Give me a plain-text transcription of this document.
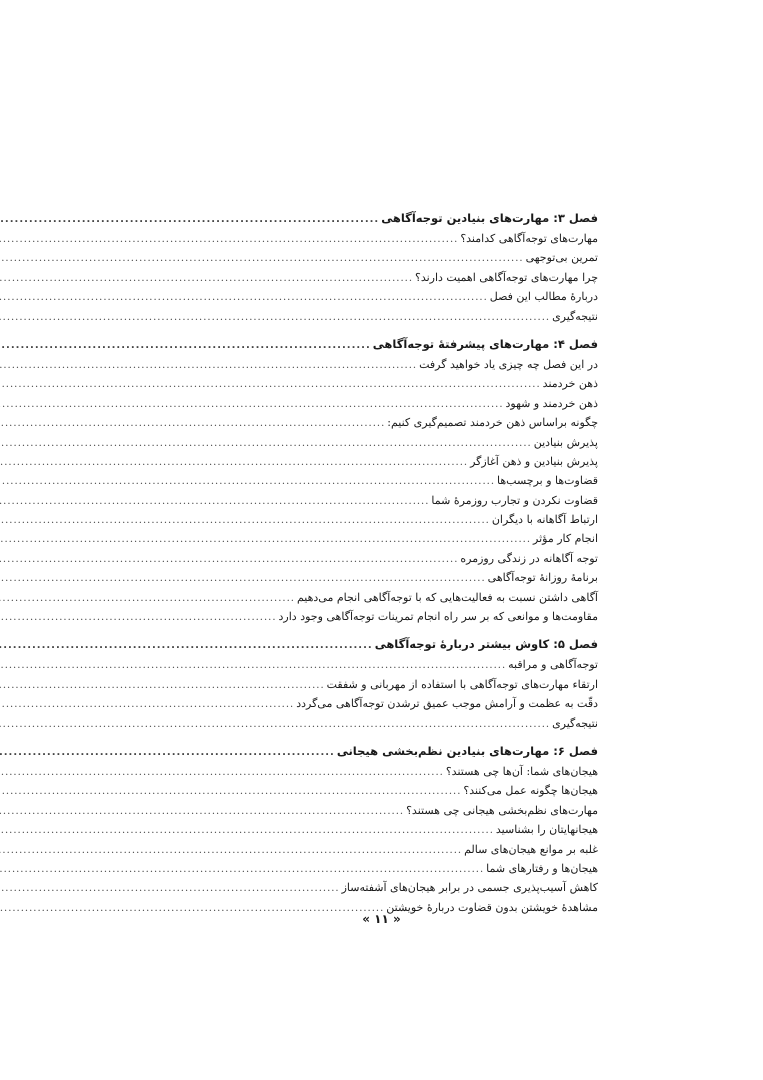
فصل ۳: مهارت‌های بنیادین توجه‌آگاهی
.....
مهارت‌های توجه‌آگاهی کدامند؟
.....
تمرین بی‌توجهی
.....
چرا مهارت‌های توجه‌آگاهی اهمیت دارند؟
.....
دربارهٔ مطالب این فصل
.....
نتیجه‌گیری
.....
فصل ۴: مهارت‌های پیشرفتهٔ توجه‌آگاهی
.....
در این فصل چه چیزی یاد خواهید گرفت
.....
ذهن خردمند
.....
ذهن خردمند و شهود
.....
چگونه براساس ذهن خردمند تصمیم‌گیری کنیم:
.....
پذیرش بنیادین
.....
پذیرش بنیادین و ذهن آغازگر
.....
قضاوت‌ها و برچسب‌ها
.....
قضاوت نکردن و تجارب روزمرهٔ شما
.....
ارتباط آگاهانه با دیگران
.....
انجام کار مؤثر
.....
توجه آگاهانه در زندگی روزمره
.....
برنامهٔ روزانهٔ توجه‌آگاهی
.....
آگاهی داشتن نسبت به فعالیت‌هایی که با توجه‌آگاهی انجام می‌دهیم
.....
مقاومت‌ها و موانعی که بر سر راه انجام تمرینات توجه‌آگاهی وجود دارد
.....
فصل ۵: کاوش بیشتر دربارهٔ توجه‌آگاهی
.....
توجه‌آگاهی و مراقبه
.....
ارتقاء مهارت‌های توجه‌آگاهی با استفاده از مهربانی و شفقت
.....
دقّت به عظمت و آرامش موجب عمیق ترشدن توجه‌آگاهی می‌گردد
.....
نتیجه‌گیری
.....
فصل ۶: مهارت‌های بنیادین نظم‌بخشی هیجانی
.....
هیجان‌های شما: آن‌ها چی هستند؟
.....
هیجان‌ها چگونه عمل می‌کنند؟
.....
مهارت‌های نظم‌بخشی هیجانی چی هستند؟
.....
هیجانهایتان را بشناسید
.....
غلبه بر موانع هیجان‌های سالم
.....
هیجان‌ها و رفتارهای شما
.....
کاهش آسیب‌پذیری جسمی در برابر هیجان‌های آشفته‌ساز
.....
مشاهدهٔ خویشتن بدون قضاوت دربارهٔ خویشتن
.....
« ۱۱ »
